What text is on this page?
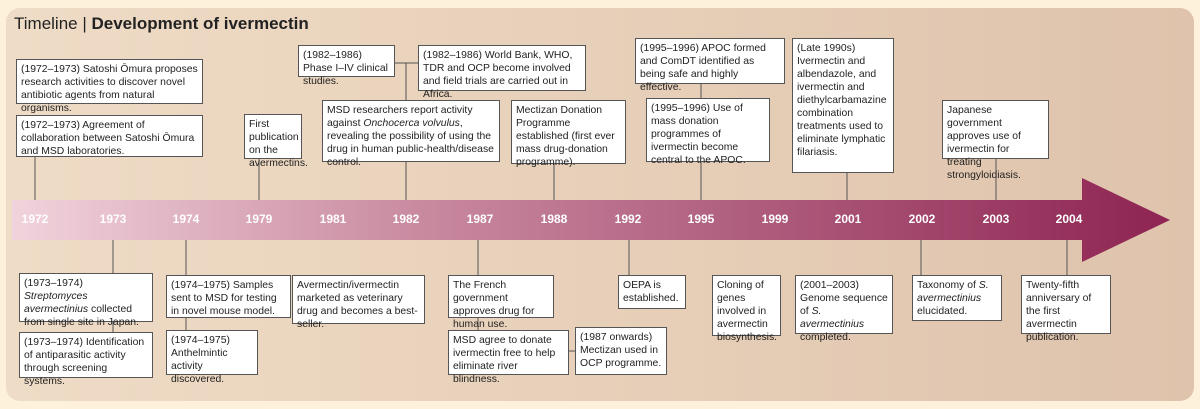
Timeline | Development of ivermectin
1972	1973	1974	1979	1981	1982	1987	1988	1992	1995	1999	2001	2002	2003	2004
(1972–1973) Satoshi Ōmura proposes research activities to discover novel antibiotic agents from natural organisms.
(1972–1973) Agreement of collaboration between Satoshi Ōmura and MSD laboratories.
First publication on the avermectins.
(1982–1986) Phase I–IV clinical studies.
(1982–1986) World Bank, WHO, TDR and OCP become involved and field trials are carried out in Africa.
MSD researchers report activity against Onchocerca volvulus, revealing the possibility of using the drug in human public-health/disease control.
Mectizan Donation Programme established (first ever mass drug-donation programme).
(1995–1996) APOC formed and ComDT identified as being safe and highly effective.
(1995–1996) Use of mass donation programmes of ivermectin become central to the APOC.
(Late 1990s) Ivermectin and albendazole, and ivermectin and diethylcarbamazine combination treatments used to eliminate lymphatic filariasis.
Japanese government approves use of ivermectin for treating strongyloidiasis.
(1973–1974) Streptomyces avermectinius collected from single site in Japan.
(1973–1974) Identification of antiparasitic activity through screening systems.
(1974–1975) Samples sent to MSD for testing in novel mouse model.
(1974–1975) Anthelmintic activity discovered.
Avermectin/ivermectin marketed as veterinary drug and becomes a best-seller.
The French government approves drug for human use.
MSD agree to donate ivermectin free to help eliminate river blindness.
(1987 onwards) Mectizan used in OCP programme.
OEPA is established.
Cloning of genes involved in avermectin biosynthesis.
(2001–2003) Genome sequence of S. avermectinius completed.
Taxonomy of S. avermectinius elucidated.
Twenty-fifth anniversary of the first avermectin publication.
